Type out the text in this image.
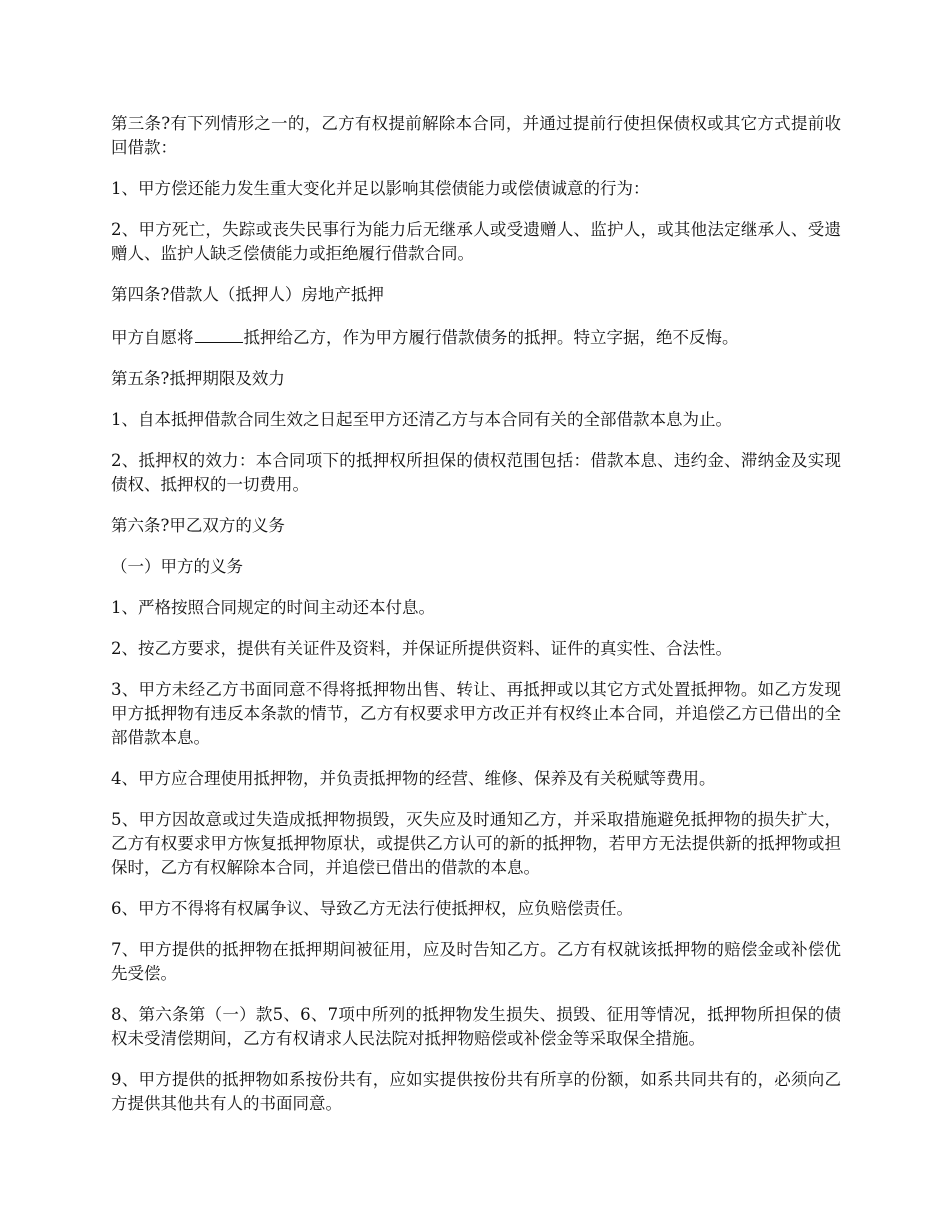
第三条?有下列情形之一的，乙方有权提前解除本合同，并通过提前行使担保债权或其它方式提前收回借款：

1、甲方偿还能力发生重大变化并足以影响其偿债能力或偿债诚意的行为：

2、甲方死亡，失踪或丧失民事行为能力后无继承人或受遗赠人、监护人，或其他法定继承人、受遗赠人、监护人缺乏偿债能力或拒绝履行借款合同。

第四条?借款人（抵押人）房地产抵押

甲方自愿将	抵押给乙方，作为甲方履行借款债务的抵押。特立字据，绝不反悔。

第五条?抵押期限及效力

1、自本抵押借款合同生效之日起至甲方还清乙方与本合同有关的全部借款本息为止。

2、抵押权的效力：本合同项下的抵押权所担保的债权范围包括：借款本息、违约金、滞纳金及实现债权、抵押权的一切费用。

第六条?甲乙双方的义务

（一）甲方的义务

1、严格按照合同规定的时间主动还本付息。

2、按乙方要求，提供有关证件及资料，并保证所提供资料、证件的真实性、合法性。

3、甲方未经乙方书面同意不得将抵押物出售、转让、再抵押或以其它方式处置抵押物。如乙方发现甲方抵押物有违反本条款的情节，乙方有权要求甲方改正并有权终止本合同，并追偿乙方已借出的全部借款本息。

4、甲方应合理使用抵押物，并负责抵押物的经营、维修、保养及有关税赋等费用。

5、甲方因故意或过失造成抵押物损毁，灭失应及时通知乙方，并采取措施避免抵押物的损失扩大，乙方有权要求甲方恢复抵押物原状，或提供乙方认可的新的抵押物，若甲方无法提供新的抵押物或担保时，乙方有权解除本合同，并追偿已借出的借款的本息。

6、甲方不得将有权属争议、导致乙方无法行使抵押权，应负赔偿责任。

7、甲方提供的抵押物在抵押期间被征用，应及时告知乙方。乙方有权就该抵押物的赔偿金或补偿优先受偿。

8、第六条第（一）款5、6、7项中所列的抵押物发生损失、损毁、征用等情况，抵押物所担保的债权未受清偿期间，乙方有权请求人民法院对抵押物赔偿或补偿金等采取保全措施。

9、甲方提供的抵押物如系按份共有，应如实提供按份共有所享的份额，如系共同共有的，必须向乙方提供其他共有人的书面同意。
